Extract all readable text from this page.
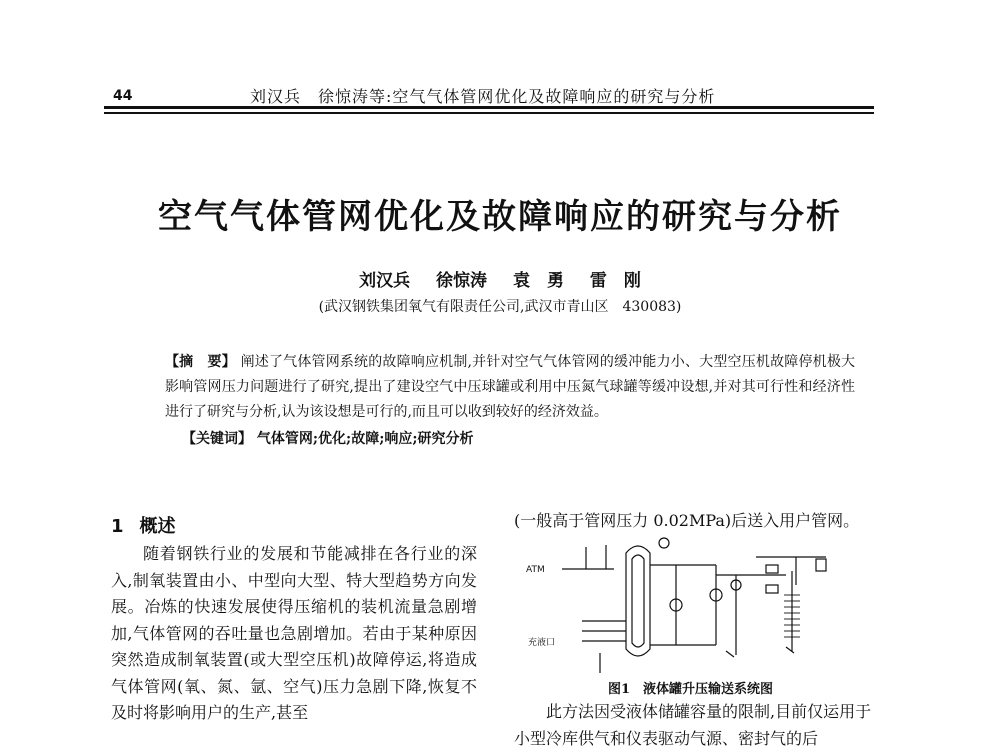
44	刘汉兵　徐惊涛等:空气气体管网优化及故障响应的研究与分析
空气气体管网优化及故障响应的研究与分析
刘汉兵 徐惊涛 袁　勇 雷　刚
(武汉钢铁集团氧气有限责任公司,武汉市青山区　430083)
【摘　要】 阐述了气体管网系统的故障响应机制,并针对空气气体管网的缓冲能力小、大型空压机故障停机极大影响管网压力问题进行了研究,提出了建设空气中压球罐或利用中压氮气球罐等缓冲设想,并对其可行性和经济性进行了研究与分析,认为该设想是可行的,而且可以收到较好的经济效益。
【关键词】 气体管网;优化;故障;响应;研究分析
1 概述

随着钢铁行业的发展和节能减排在各行业的深入,制氧装置由小、中型向大型、特大型趋势方向发展。冶炼的快速发展使得压缩机的装机流量急剧增加,气体管网的吞吐量也急剧增加。若由于某种原因突然造成制氧装置(或大型空压机)故障停运,将造成气体管网(氧、氮、氩、空气)压力急剧下降,恢复不及时将影响用户的生产,甚至

(一般高于管网压力 0.02MPa)后送入用户管网。
ATM
充液口
图1　液体罐升压输送系统图

此方法因受液体储罐容量的限制,目前仅运用于小型冷库供气和仪表驱动气源、密封气的后
